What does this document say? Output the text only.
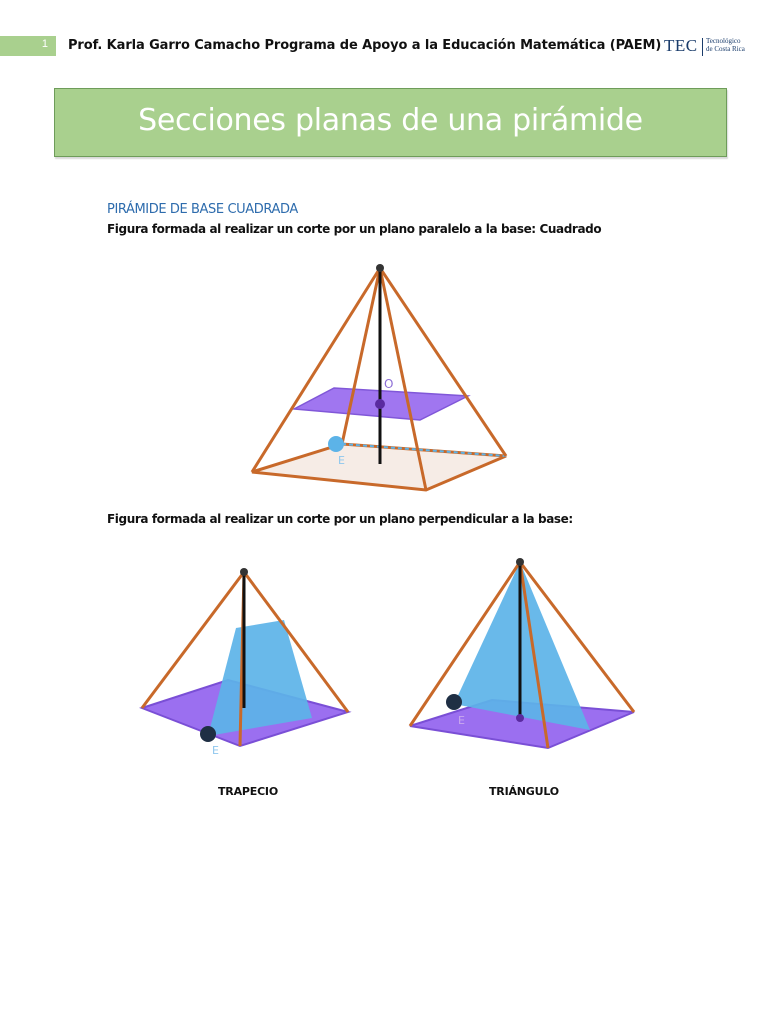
1	Prof. Karla Garro Camacho Programa de Apoyo a la Educación Matemática (PAEM) TEC Tecnológico
de Costa Rica
Secciones planas de una pirámide
PIRÁMIDE DE BASE CUADRADA
Figura formada al realizar un corte por un plano paralelo a la base: Cuadrado
O
E
Figura formada al realizar un corte por un plano perpendicular a la base:
E
E
TRAPECIO	TRIÁNGULO
